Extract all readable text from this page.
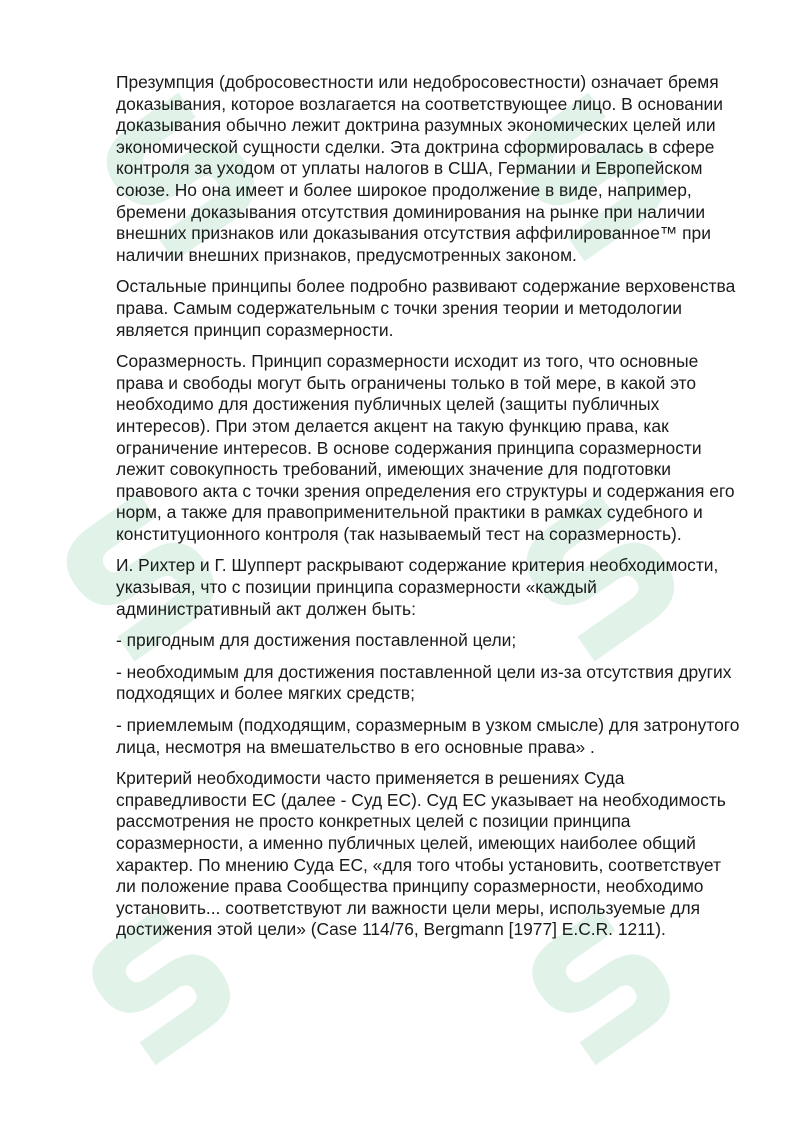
Презумпция (добросовестности или недобросовестности) означает бремя доказывания, которое возлагается на соответствующее лицо. В основании доказывания обычно лежит доктрина разумных экономических целей или экономической сущности сделки. Эта доктрина сформировалась в сфере контроля за уходом от уплаты налогов в США, Германии и Европейском союзе. Но она имеет и более широкое продолжение в виде, например, бремени доказывания отсутствия доминирования на рынке при наличии внешних признаков или доказывания отсутствия аффилированное™ при наличии внешних признаков, предусмотренных законом.

Остальные принципы более подробно развивают содержание верховенства права. Самым содержательным с точки зрения теории и методологии является принцип соразмерности.

Соразмерность. Принцип соразмерности исходит из того, что основные права и свободы могут быть ограничены только в той мере, в какой это необходимо для достижения публичных целей (защиты публичных интересов). При этом делается акцент на такую функцию права, как ограничение интересов. В основе содержания принципа соразмерности лежит совокупность требований, имеющих значение для подготовки правового акта с точки зрения определения его структуры и содержания его норм, а также для правоприменительной практики в рамках судебного и конституционного контроля (так называемый тест на соразмерность).

И. Рихтер и Г. Шупперт раскрывают содержание критерия необходимости, указывая, что с позиции принципа соразмерности «каждый административный акт должен быть:

- пригодным для достижения поставленной цели;

- необходимым для достижения поставленной цели из-за отсутствия других подходящих и более мягких средств;

- приемлемым (подходящим, соразмерным в узком смысле) для затронутого лица, несмотря на вмешательство в его основные права» .

Критерий необходимости часто применяется в решениях Суда справедливости ЕС (далее - Суд ЕС). Суд ЕС указывает на необходимость рассмотрения не просто конкретных целей с позиции принципа соразмерности, а именно публичных целей, имеющих наиболее общий характер. По мнению Суда ЕС, «для того чтобы установить, соответствует ли положение права Сообщества принципу соразмерности, необходимо установить... соответствуют ли важности цели меры, используемые для достижения этой цели» (Case 114/76, Bergmann [1977] E.C.R. 1211).
